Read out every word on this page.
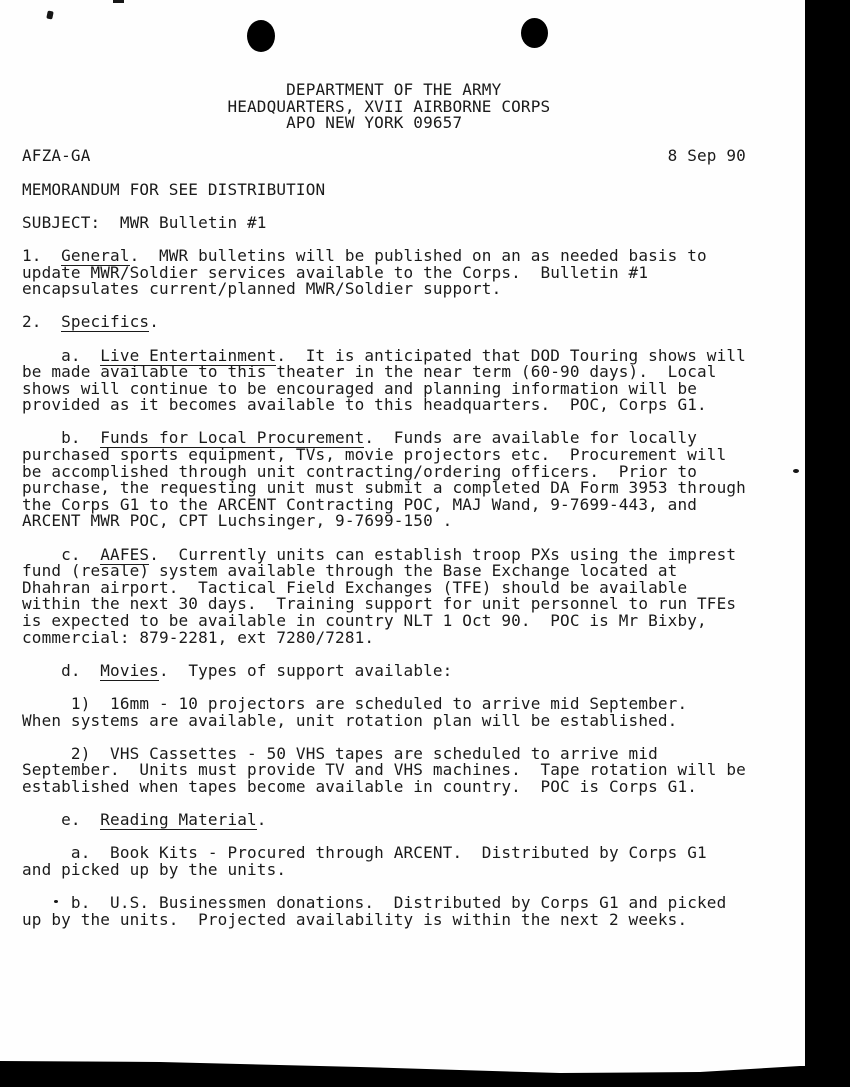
DEPARTMENT OF THE ARMY
HEADQUARTERS, XVII AIRBORNE CORPS
APO NEW YORK 09657

AFZA-GA                                                           8 Sep 90

MEMORANDUM FOR SEE DISTRIBUTION

SUBJECT:  MWR Bulletin #1

1.  General.  MWR bulletins will be published on an as needed basis to
update MWR/Soldier services available to the Corps.  Bulletin #1
encapsulates current/planned MWR/Soldier support.

2.  Specifics.

a.  Live Entertainment.  It is anticipated that DOD Touring shows will
be made available to this theater in the near term (60-90 days).  Local
shows will continue to be encouraged and planning information will be
provided as it becomes available to this headquarters.  POC, Corps G1.

b.  Funds for Local Procurement.  Funds are available for locally
purchased sports equipment, TVs, movie projectors etc.  Procurement will
be accomplished through unit contracting/ordering officers.  Prior to
purchase, the requesting unit must submit a completed DA Form 3953 through
the Corps G1 to the ARCENT Contracting POC, MAJ Wand, 9-7699-443, and
ARCENT MWR POC, CPT Luchsinger, 9-7699-150 .

c.  AAFES.  Currently units can establish troop PXs using the imprest
fund (resale) system available through the Base Exchange located at
Dhahran airport.  Tactical Field Exchanges (TFE) should be available
within the next 30 days.  Training support for unit personnel to run TFEs
is expected to be available in country NLT 1 Oct 90.  POC is Mr Bixby,
commercial: 879-2281, ext 7280/7281.

d.  Movies.  Types of support available:

1)  16mm - 10 projectors are scheduled to arrive mid September.
When systems are available, unit rotation plan will be established.

2)  VHS Cassettes - 50 VHS tapes are scheduled to arrive mid
September.  Units must provide TV and VHS machines.  Tape rotation will be
established when tapes become available in country.  POC is Corps G1.

e.  Reading Material.

a.  Book Kits - Procured through ARCENT.  Distributed by Corps G1
and picked up by the units.

b.  U.S. Businessmen donations.  Distributed by Corps G1 and picked
up by the units.  Projected availability is within the next 2 weeks.
